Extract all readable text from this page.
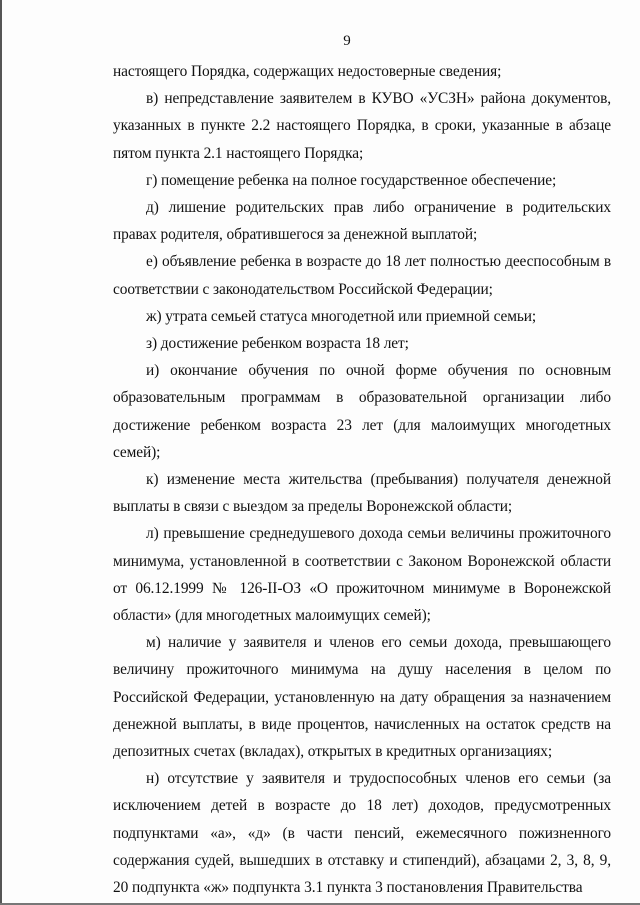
9

настоящего Порядка, содержащих недостоверные сведения;

в) непредставление заявителем в КУВО «УСЗН» района документов, указанных в пункте 2.2 настоящего Порядка, в сроки, указанные в абзаце пятом пункта 2.1 настоящего Порядка;

г) помещение ребенка на полное государственное обеспечение;

д) лишение родительских прав либо ограничение в родительских правах родителя, обратившегося за денежной выплатой;

е) объявление ребенка в возрасте до 18 лет полностью дееспособным в соответствии с законодательством Российской Федерации;

ж) утрата семьей статуса многодетной или приемной семьи;

з) достижение ребенком возраста 18 лет;

и) окончание обучения по очной форме обучения по основным образовательным программам в образовательной организации либо достижение ребенком возраста 23 лет (для малоимущих многодетных семей);

к) изменение места жительства (пребывания) получателя денежной выплаты в связи с выездом за пределы Воронежской области;

л) превышение среднедушевого дохода семьи величины прожиточного минимума, установленной в соответствии с Законом Воронежской области от 06.12.1999 № 126-II-ОЗ «О прожиточном минимуме в Воронежской области» (для многодетных малоимущих семей);

м) наличие у заявителя и членов его семьи дохода, превышающего величину прожиточного минимума на душу населения в целом по Российской Федерации, установленную на дату обращения за назначением денежной выплаты, в виде процентов, начисленных на остаток средств на депозитных счетах (вкладах), открытых в кредитных организациях;

н) отсутствие у заявителя и трудоспособных членов его семьи (за исключением детей в возрасте до 18 лет) доходов, предусмотренных подпунктами «а», «д» (в части пенсий, ежемесячного пожизненного содержания судей, вышедших в отставку и стипендий), абзацами 2, 3, 8, 9, 20 подпункта «ж» подпункта 3.1 пункта 3 постановления Правительства
